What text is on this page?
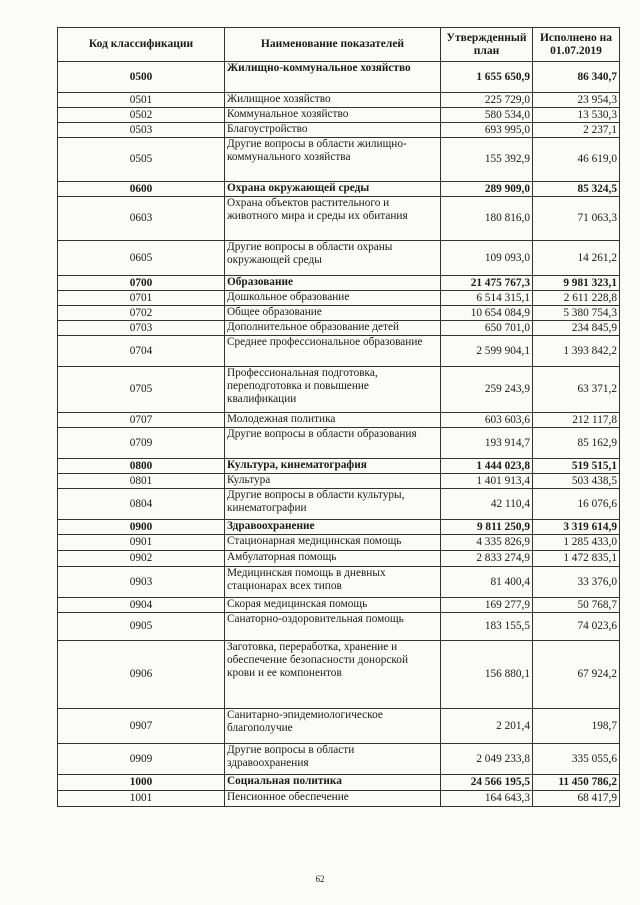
Код классификации	Наименование показателей	Утвержденный план	Исполнено на 01.07.2019
0500	Жилищно-коммунальное хозяйство	1 655 650,9	86 340,7
0501	Жилищное хозяйство	225 729,0	23 954,3
0502	Коммунальное хозяйство	580 534,0	13 530,3
0503	Благоустройство	693 995,0	2 237,1
0505	Другие вопросы в области жилищно-коммунального хозяйства	155 392,9	46 619,0
0600	Охрана окружающей среды	289 909,0	85 324,5
0603	Охрана объектов растительного и животного мира и среды их обитания	180 816,0	71 063,3
0605	Другие вопросы в области охраны окружающей среды	109 093,0	14 261,2
0700	Образование	21 475 767,3	9 981 323,1
0701	Дошкольное образование	6 514 315,1	2 611 228,8
0702	Общее образование	10 654 084,9	5 380 754,3
0703	Дополнительное образование детей	650 701,0	234 845,9
0704	Среднее профессиональное образование	2 599 904,1	1 393 842,2
0705	Профессиональная подготовка, переподготовка и повышение квалификации	259 243,9	63 371,2
0707	Молодежная политика	603 603,6	212 117,8
0709	Другие вопросы в области образования	193 914,7	85 162,9
0800	Культура, кинематография	1 444 023,8	519 515,1
0801	Культура	1 401 913,4	503 438,5
0804	Другие вопросы в области культуры, кинематографии	42 110,4	16 076,6
0900	Здравоохранение	9 811 250,9	3 319 614,9
0901	Стационарная медицинская помощь	4 335 826,9	1 285 433,0
0902	Амбулаторная помощь	2 833 274,9	1 472 835,1
0903	Медицинская помощь в дневных стационарах всех типов	81 400,4	33 376,0
0904	Скорая медицинская помощь	169 277,9	50 768,7
0905	Санаторно-оздоровительная помощь	183 155,5	74 023,6
0906	Заготовка, переработка, хранение и обеспечение безопасности донорской крови и ее компонентов	156 880,1	67 924,2
0907	Санитарно-эпидемиологическое благополучие	2 201,4	198,7
0909	Другие вопросы в области здравоохранения	2 049 233,8	335 055,6
1000	Социальная политика	24 566 195,5	11 450 786,2
1001	Пенсионное обеспечение	164 643,3	68 417,9
62
